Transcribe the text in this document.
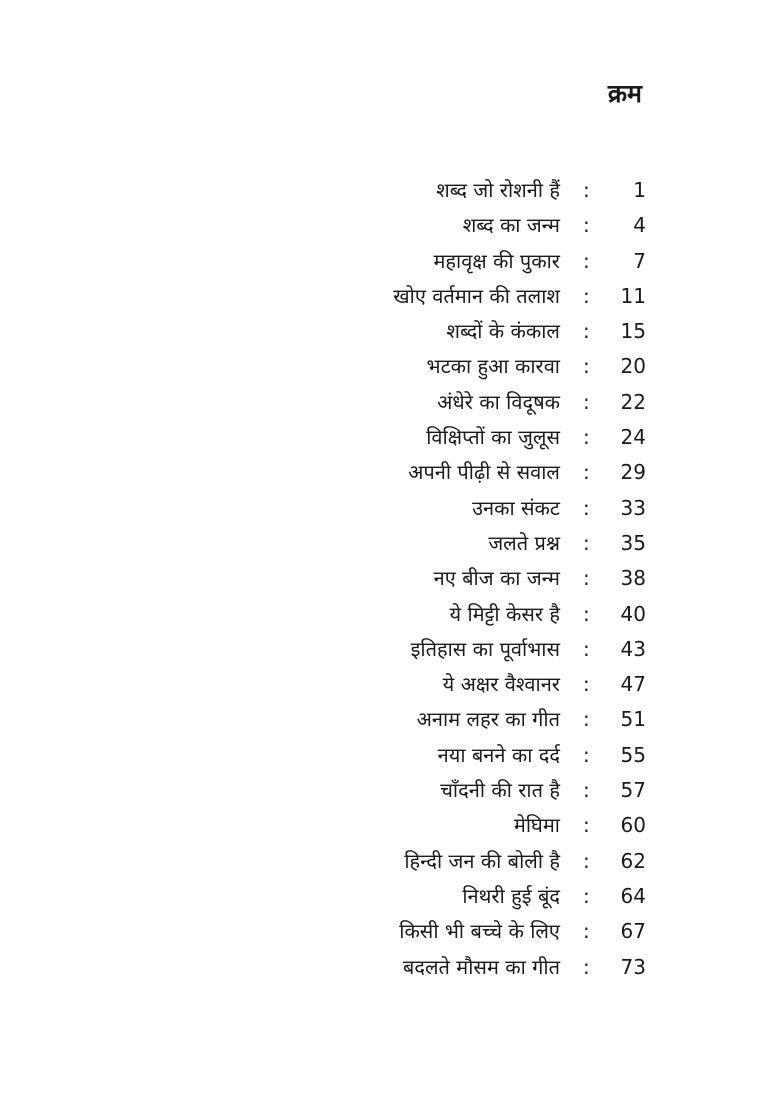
क्रम
शब्द जो रोशनी हैं : 1
शब्द का जन्म : 4
महावृक्ष की पुकार : 7
खोए वर्तमान की तलाश : 11
शब्दों के कंकाल : 15
भटका हुआ कारवा : 20
अंधेरे का विदूषक : 22
विक्षिप्तों का जुलूस : 24
अपनी पीढ़ी से सवाल : 29
उनका संकट : 33
जलते प्रश्न : 35
नए बीज का जन्म : 38
ये मिट्टी केसर है : 40
इतिहास का पूर्वाभास : 43
ये अक्षर वैश्वानर : 47
अनाम लहर का गीत : 51
नया बनने का दर्द : 55
चाँदनी की रात है : 57
मेघिमा : 60
हिन्दी जन की बोली है : 62
निथरी हुई बूंद : 64
किसी भी बच्चे के लिए : 67
बदलते मौसम का गीत : 73
